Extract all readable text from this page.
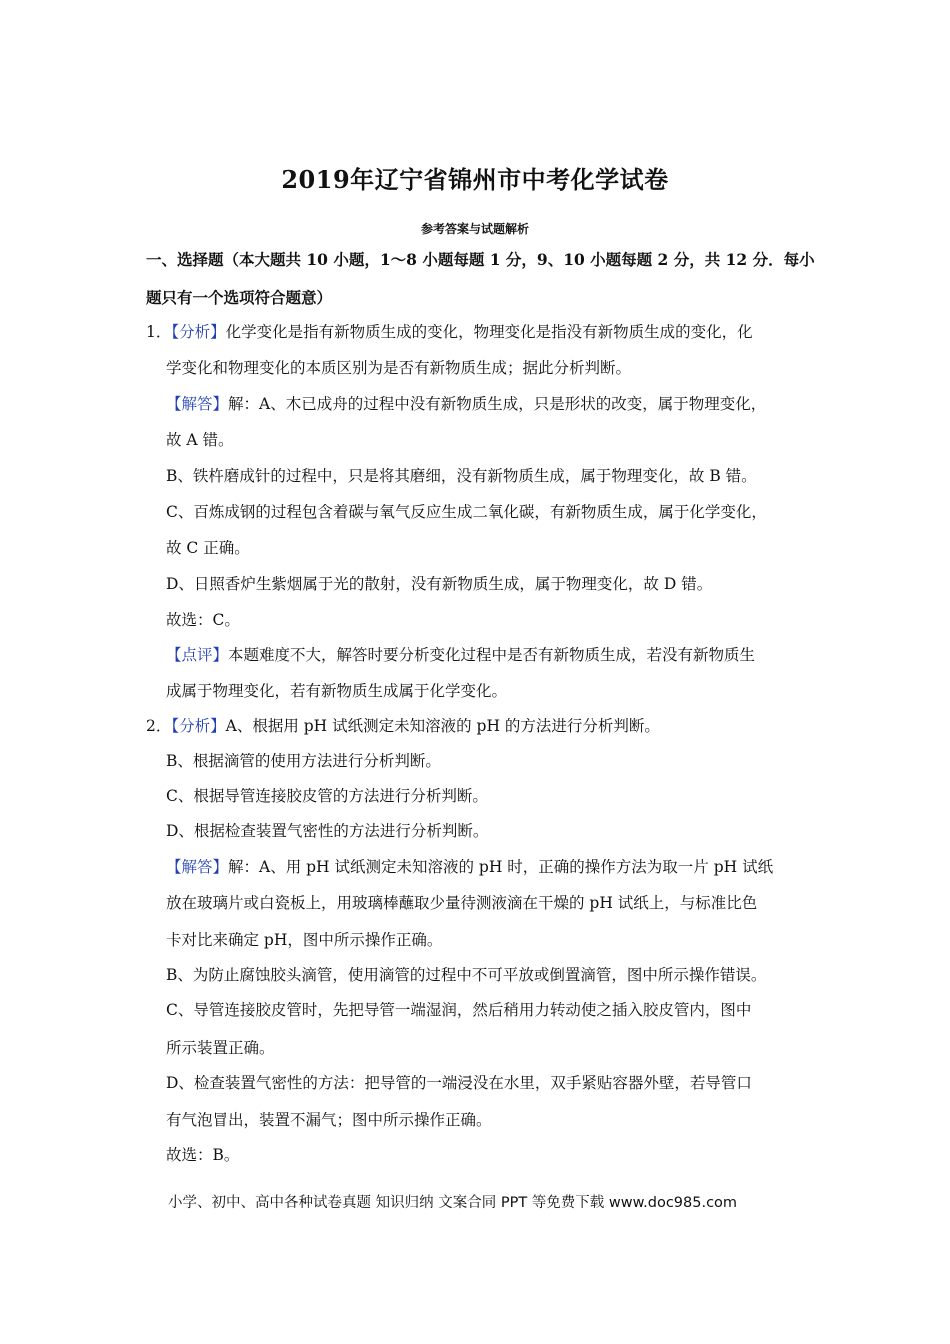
2019年辽宁省锦州市中考化学试卷
参考答案与试题解析
一、选择题（本大题共 10 小题，1～8 小题每题 1 分，9、10 小题每题 2 分，共 12 分．每小
题只有一个选项符合题意）
1．【分析】化学变化是指有新物质生成的变化，物理变化是指没有新物质生成的变化，化
学变化和物理变化的本质区别为是否有新物质生成；据此分析判断。
【解答】解：A、木已成舟的过程中没有新物质生成，只是形状的改变，属于物理变化，
故 A 错。
B、铁杵磨成针的过程中，只是将其磨细，没有新物质生成，属于物理变化，故 B 错。
C、百炼成钢的过程包含着碳与氧气反应生成二氧化碳，有新物质生成，属于化学变化，
故 C 正确。
D、日照香炉生紫烟属于光的散射，没有新物质生成，属于物理变化，故 D 错。
故选：C。
【点评】本题难度不大，解答时要分析变化过程中是否有新物质生成，若没有新物质生
成属于物理变化，若有新物质生成属于化学变化。
2．【分析】A、根据用 pH 试纸测定未知溶液的 pH 的方法进行分析判断。
B、根据滴管的使用方法进行分析判断。
C、根据导管连接胶皮管的方法进行分析判断。
D、根据检查装置气密性的方法进行分析判断。
【解答】解：A、用 pH 试纸测定未知溶液的 pH 时，正确的操作方法为取一片 pH 试纸
放在玻璃片或白瓷板上，用玻璃棒蘸取少量待测液滴在干燥的 pH 试纸上，与标准比色
卡对比来确定 pH，图中所示操作正确。
B、为防止腐蚀胶头滴管，使用滴管的过程中不可平放或倒置滴管，图中所示操作错误。
C、导管连接胶皮管时，先把导管一端湿润，然后稍用力转动使之插入胶皮管内，图中
所示装置正确。
D、检查装置气密性的方法：把导管的一端浸没在水里，双手紧贴容器外壁，若导管口
有气泡冒出，装置不漏气；图中所示操作正确。
故选：B。
小学、初中、高中各种试卷真题 知识归纳 文案合同 PPT 等免费下载 www.doc985.com
